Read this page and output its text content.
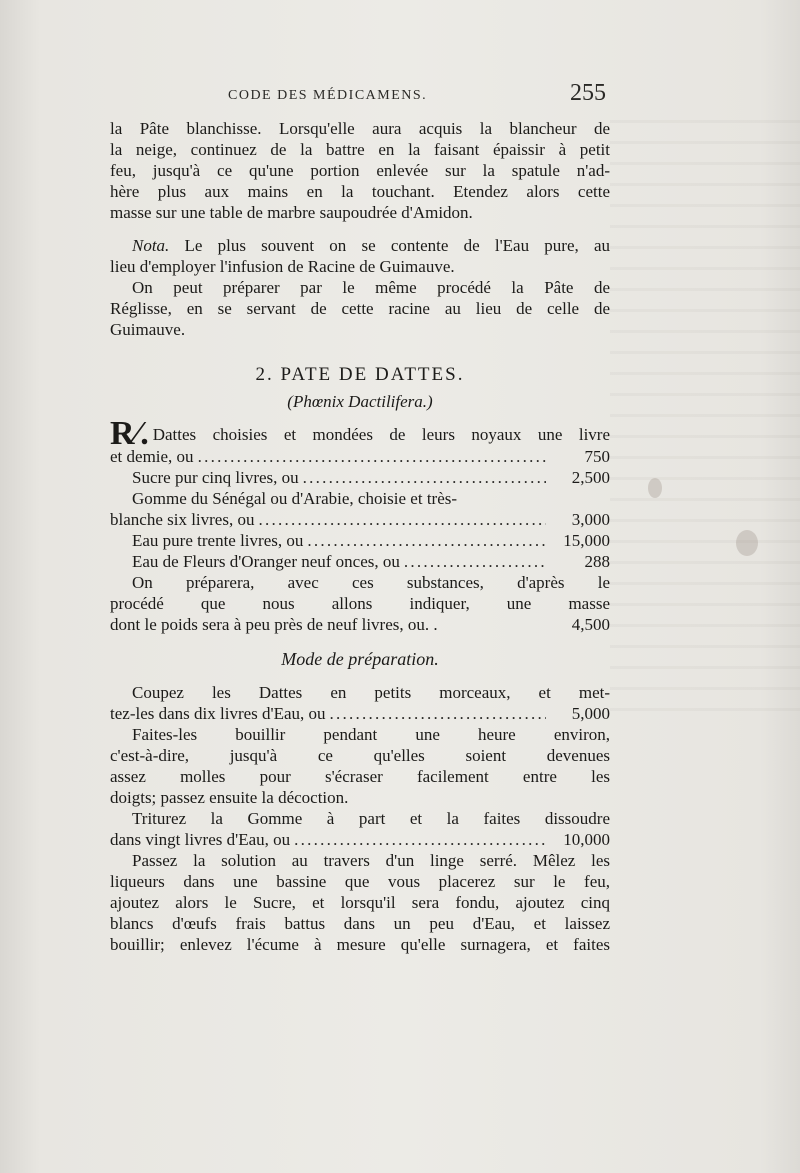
CODE DES MÉDICAMENS.	255
la Pâte blanchisse. Lorsqu'elle aura acquis la blancheur de
la neige, continuez de la battre en la faisant épaissir à petit
feu, jusqu'à ce qu'une portion enlevée sur la spatule n'ad-
hère plus aux mains en la touchant. Etendez alors cette
masse sur une table de marbre saupoudrée d'Amidon.
Nota. Le plus souvent on se contente de l'Eau pure, au
lieu d'employer l'infusion de Racine de Guimauve.
On peut préparer par le même procédé la Pâte de
Réglisse, en se servant de cette racine au lieu de celle de
Guimauve.
2. PATE DE DATTES.
(Phœnix Dactilifera.)
R⁄. Dattes choisies et mondées de leurs noyaux une livre
et demie, ou . . .	750
Sucre pur cinq livres, ou . . .	2,500
Gomme du Sénégal ou d'Arabie, choisie et très-
blanche six livres, ou . . .	3,000
Eau pure trente livres, ou . . .	15,000
Eau de Fleurs d'Oranger neuf onces, ou . . .	288
On préparera, avec ces substances, d'après le
procédé que nous allons indiquer, une masse
dont le poids sera à peu près de neuf livres, ou. .	4,500
Mode de préparation.
Coupez les Dattes en petits morceaux, et met-
tez-les dans dix livres d'Eau, ou . . .	5,000
Faites-les bouillir pendant une heure environ,
c'est-à-dire, jusqu'à ce qu'elles soient devenues
assez molles pour s'écraser facilement entre les
doigts; passez ensuite la décoction.
Triturez la Gomme à part et la faites dissoudre
dans vingt livres d'Eau, ou . . .	10,000
Passez la solution au travers d'un linge serré. Mêlez les
liqueurs dans une bassine que vous placerez sur le feu,
ajoutez alors le Sucre, et lorsqu'il sera fondu, ajoutez cinq
blancs d'œufs frais battus dans un peu d'Eau, et laissez
bouillir; enlevez l'écume à mesure qu'elle surnagera, et faites
